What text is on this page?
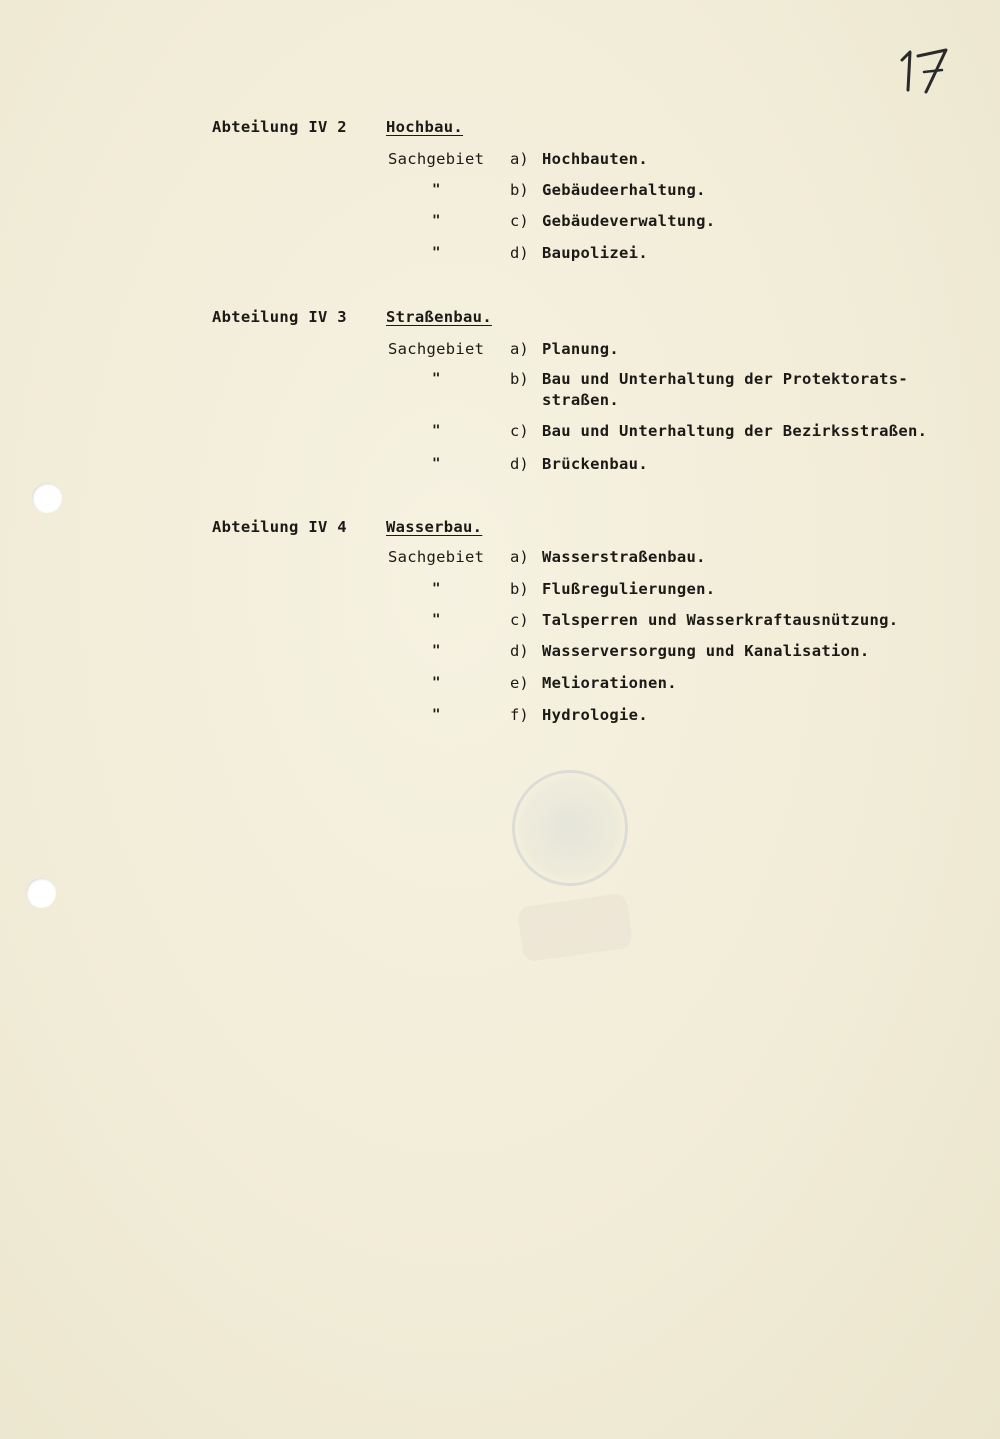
Abteilung IV 2	Hochbau.
Sachgebiet a) Hochbauten.
"	b) Gebäudeerhaltung.
"	c) Gebäudeverwaltung.
"	d) Baupolizei.
Abteilung IV 3	Straßenbau.
Sachgebiet a) Planung.
"	b) Bau und Unterhaltung der Protektorats-
straßen.
"	c) Bau und Unterhaltung der Bezirksstraßen.
"	d) Brückenbau.
Abteilung IV 4	Wasserbau.
Sachgebiet a) Wasserstraßenbau.
"	b) Flußregulierungen.
"	c) Talsperren und Wasserkraftausnützung.
"	d) Wasserversorgung und Kanalisation.
"	e) Meliorationen.
"	f) Hydrologie.
